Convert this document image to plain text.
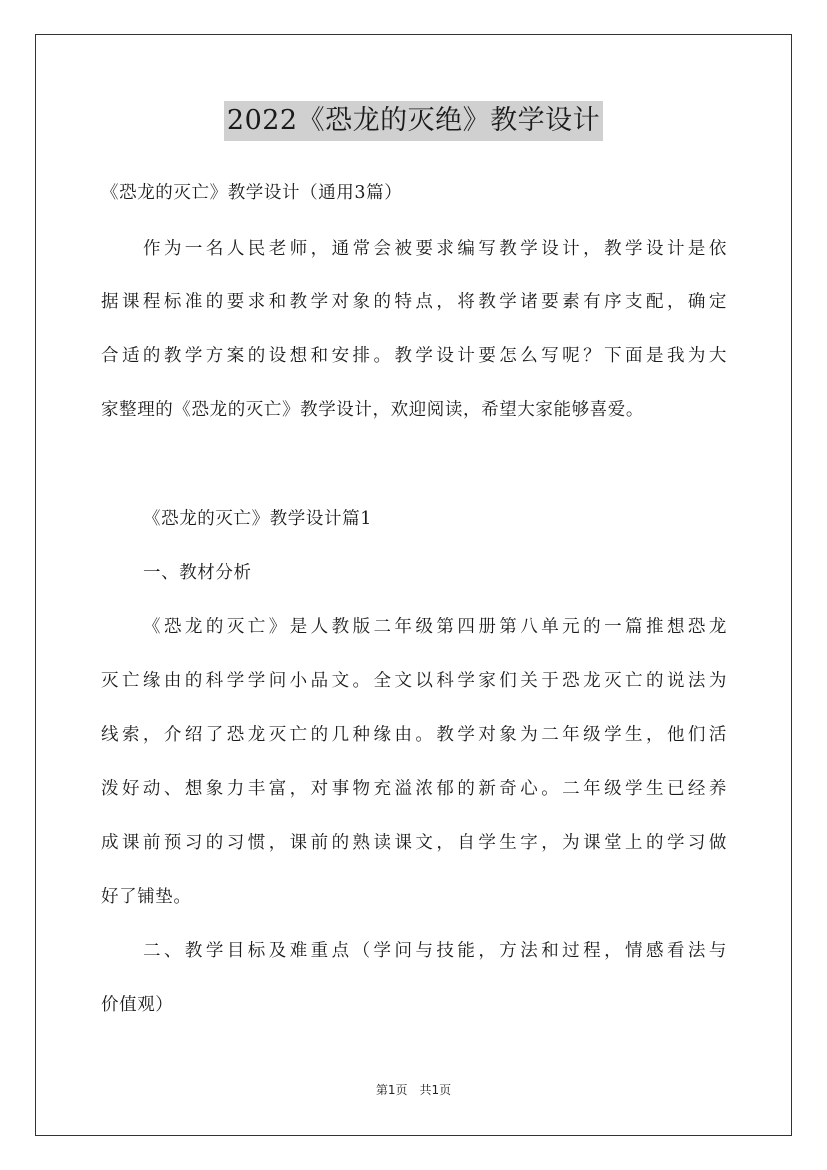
2022《恐龙的灭绝》教学设计
《恐龙的灭亡》教学设计（通用3篇）
作为一名人民老师，通常会被要求编写教学设计，教学设计是依
据课程标准的要求和教学对象的特点，将教学诸要素有序支配，确定
合适的教学方案的设想和安排。教学设计要怎么写呢？下面是我为大
家整理的《恐龙的灭亡》教学设计，欢迎阅读，希望大家能够喜爱。
《恐龙的灭亡》教学设计篇1
一、教材分析
《恐龙的灭亡》是人教版二年级第四册第八单元的一篇推想恐龙
灭亡缘由的科学学问小品文。全文以科学家们关于恐龙灭亡的说法为
线索，介绍了恐龙灭亡的几种缘由。教学对象为二年级学生，他们活
泼好动、想象力丰富，对事物充溢浓郁的新奇心。二年级学生已经养
成课前预习的习惯，课前的熟读课文，自学生字，为课堂上的学习做
好了铺垫。
二、教学目标及难重点（学问与技能，方法和过程，情感看法与
价值观）
第1页 共1页
